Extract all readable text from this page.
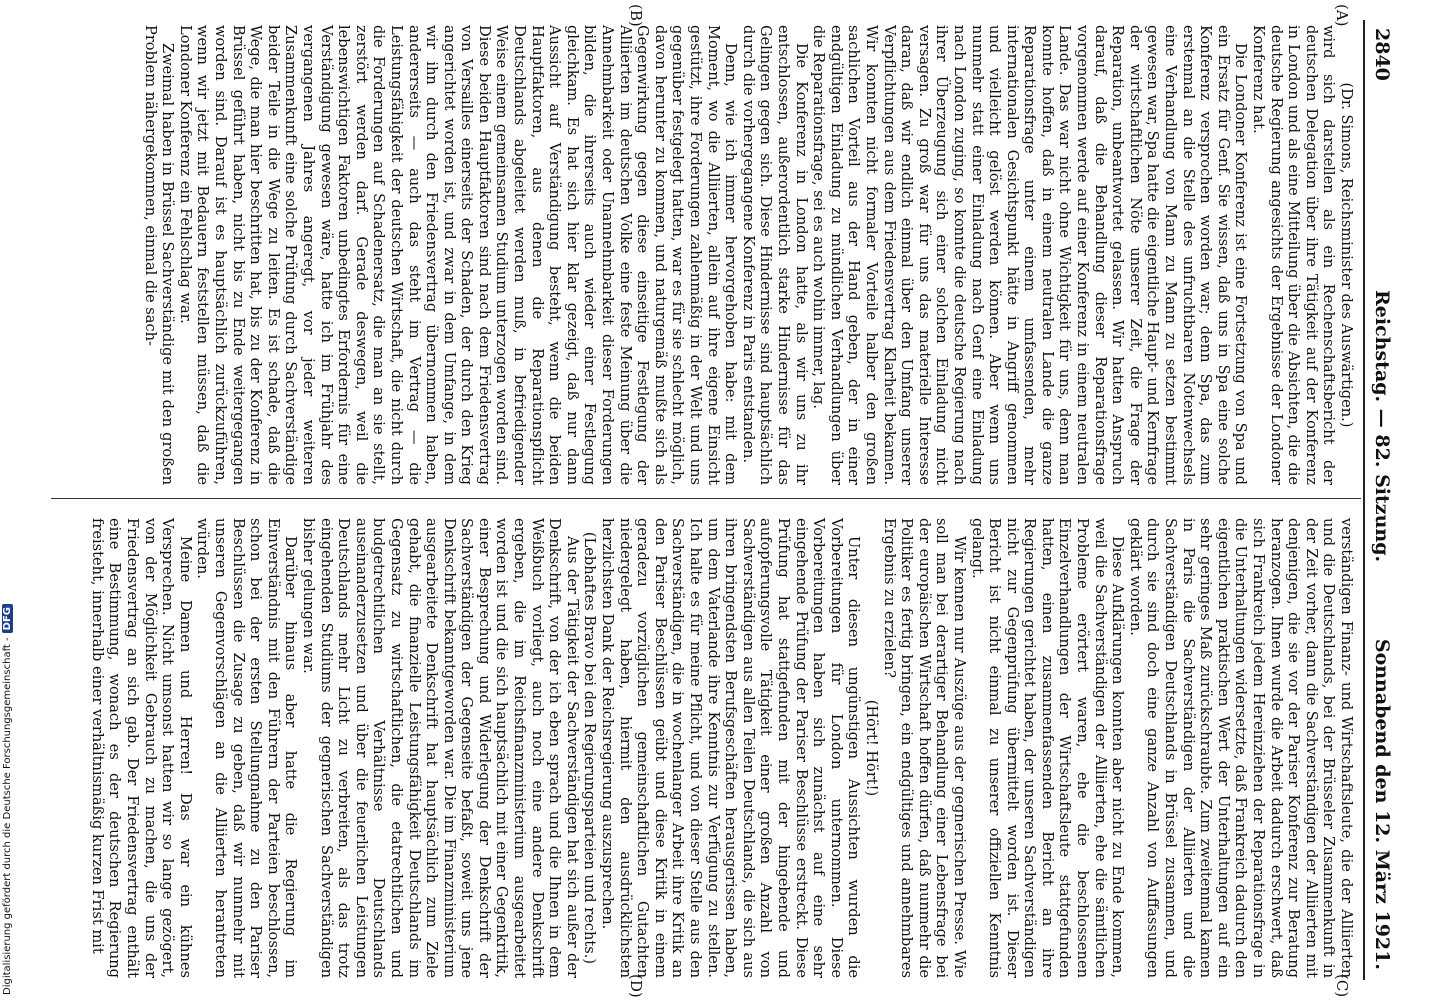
2840
Reichstag. — 82. Sitzung.
Sonnabend den 12. März 1921.
(A)
(B)
(C)
(D)

(Dr. Simons, Reichsminister des Auswärtigen.)

wird sich darstellen als ein Rechenschaftsbericht der deutschen Delegation über ihre Tätigkeit auf der Konferenz in London und als eine Mitteilung über die Absichten, die die deutsche Regierung angesichts der Ergebnisse der Londoner Konferenz hat.

Die Londoner Konferenz ist eine Fortsetzung von Spa und ein Ersatz für Genf. Sie wissen, daß uns in Spa eine solche Konferenz versprochen worden war; denn Spa, das zum erstenmal an die Stelle des unfruchtbaren Notenwechsels eine Verhandlung von Mann zu Mann zu setzen bestimmt gewesen war, Spa hatte die eigentliche Haupt- und Kernfrage der wirtschaftlichen Nöte unserer Zeit, die Frage der Reparation, unbeantwortet gelassen. Wir hatten Anspruch darauf, daß die Behandlung dieser Reparationsfrage vorgenommen werde auf einer Konferenz in einem neutralen Lande. Das war nicht ohne Wichtigkeit für uns, denn man konnte hoffen, daß in einem neutralen Lande die ganze Reparationsfrage unter einem umfassenden, mehr internationalen Gesichtspunkt hätte in Angriff genommen und vielleicht gelöst werden können. Aber wenn uns nunmehr statt einer Einladung nach Genf eine Einladung nach London zuging, so konnte die deutsche Regierung nach ihrer Überzeugung sich einer solchen Einladung nicht versagen. Zu groß war für uns das materielle Interesse daran, daß wir endlich einmal über den Umfang unserer Verpflichtungen aus dem Friedensvertrag Klarheit bekamen. Wir konnten nicht formaler Vorteile halber den großen sachlichen Vorteil aus der Hand geben, der in einer endgültigen Einladung zu mündlichen Verhandlungen über die Reparationsfrage, sei es auch wohin immer, lag.

Die Konferenz in London hatte, als wir uns zu ihr entschlossen, außerordentlich starke Hindernisse für das Gelingen gegen sich. Diese Hindernisse sind hauptsächlich durch die vorhergegangene Konferenz in Paris entstanden.

Denn, wie ich immer hervorgehoben habe: mit dem Moment, wo die Alliierten, allein auf ihre eigene Einsicht gestützt, ihre Forderungen zahlenmäßig in der Welt und uns gegenüber festgelegt hatten, war es für sie schlecht möglich, davon herunter zu kommen, und naturgemäß mußte sich als Gegenwirkung gegen diese einseitige Festlegung der Alliierten im deutschen Volke eine feste Meinung über die Annehmbarkeit oder Unannehmbarkeit dieser Forderungen bilden, die ihrerseits auch wieder einer Festlegung gleichkam. Es hat sich hier klar gezeigt, daß nur dann Aussicht auf Verständigung besteht, wenn die beiden Hauptfaktoren, aus denen die Reparationspflicht Deutschlands abgeleitet werden muß, in befriedigender Weise einem gemeinsamen Studium unterzogen worden sind. Diese beiden Hauptfaktoren sind nach dem Friedensvertrag von Versailles einerseits der Schaden, der durch den Krieg angerichtet worden ist, und zwar in dem Umfange, in dem wir ihn durch den Friedensvertrag übernommen haben, andererseits — auch das steht im Vertrag — die Leistungsfähigkeit der deutschen Wirtschaft, die nicht durch die Forderungen auf Schadenersatz, die man an sie stellt, zerstört werden darf. Gerade deswegen, weil die lebenswichtigen Faktoren unbedingtes Erfordernis für eine Verständigung gewesen wäre, hatte ich im Frühjahr des vergangenen Jahres angeregt, vor jeder weiteren Zusammenkunft eine solche Prüfung durch Sachverständige beider Teile in die Wege zu leiten. Es ist schade, daß die Wege, die man hier beschritten hat, bis zu der Konferenz in Brüssel geführt haben, nicht bis zu Ende weitergegangen worden sind. Darauf ist es hauptsächlich zurückzuführen, wenn wir jetzt mit Bedauern feststellen müssen, daß die Londoner Konferenz ein Fehlschlag war.

Zweimal haben in Brüssel Sachverständige mit den großen Problem nähergekommen, einmal die sach-

verständigen Finanz- und Wirtschaftsleute, die der Alliierten und die Deutschlands, bei der Brüsseler Zusammenkunft in der Zeit vorher, dann die Sachverständigen der Alliierten mit denjenigen, die sie vor der Pariser Konferenz zur Beratung heranzogen. Ihnen wurde die Arbeit dadurch erschwert, daß sich Frankreich jedem Hereinziehen der Reparationsfrage in die Unterhaltungen widersetzte, daß Frankreich dadurch den eigentlichen praktischen Wert der Unterhaltungen auf ein sehr geringes Maß zurückschraubte. Zum zweitenmal kamen in Paris die Sachverständigen der Alliierten und die Sachverständigen Deutschlands in Brüssel zusammen, und durch sie sind doch eine ganze Anzahl von Auffassungen geklärt worden.

Diese Aufklärungen konnten aber nicht zu Ende kommen, weil die Sachverständigen der Alliierten, ehe die sämtlichen Probleme erörtert waren, ehe die beschlossenen Einzelverhandlungen der Wirtschaftsleute stattgefunden hatten, einen zusammenfassenden Bericht an ihre Regierungen gerichtet haben, der unseren Sachverständigen nicht zur Gegenprüfung übermittelt worden ist. Dieser Bericht ist nicht einmal zu unserer offiziellen Kenntnis gelangt.

Wir kennen nur Auszüge aus der gegnerischen Presse. Wie soll man bei derartiger Behandlung einer Lebensfrage bei der europäischen Wirtschaft hoffen dürfen, daß nunmehr die Politiker es fertig bringen, ein endgültiges und annehmbares Ergebnis zu erzielen?

(Hört! Hört!)

Unter diesen ungünstigen Aussichten wurden die Vorbereitungen für London unternommen. Diese Vorbereitungen haben sich zunächst auf eine sehr eingehende Prüfung der Pariser Beschlüsse erstreckt. Diese Prüfung hat stattgefunden mit der hingebende und aufopferungsvolle Tätigkeit einer großen Anzahl von Sachverständigen aus allen Teilen Deutschlands, die sich aus ihren bringendsten Berufsgeschäften herausgerissen haben, um dem Vaterlande ihre Kenntnis zur Verfügung zu stellen. Ich halte es für meine Pflicht, und von dieser Stelle aus den Sachverständigen, die in wochenlanger Arbeit ihre Kritik an den Pariser Beschlüssen geübt und diese Kritik in einem geradezu vorzüglichen gemeinschaftlichen Gutachten niedergelegt haben, hiermit den ausdrücklichsten herzlichsten Dank der Reichsregierung auszusprechen.

(Lebhaftes Bravo bei den Regierungsparteien und rechts.)

Aus der Tätigkeit der Sachverständigen hat sich außer der Denkschrift, von der ich eben sprach und die Ihnen in dem Weißbuch vorliegt, auch noch eine andere Denkschrift ergeben, die im Reichsfinanzministerium ausgearbeitet worden ist und die sich hauptsächlich mit einer Gegenkritik, einer Besprechung und Widerlegung der Denkschrift der Sachverständigen der Gegenseite befaßt, soweit uns jene Denkschrift bekanntgeworden war. Die im Finanzministerium ausgearbeitete Denkschrift hat hauptsächlich zum Ziele gehabt, die finanzielle Leistungsfähigkeit Deutschlands im Gegensatz zu wirtschaftlichen, die etatrechtlichen und budgetrechtlichen Verhältnisse Deutschlands auseinanderzusetzen und über die feuerlichen Leistungen Deutschlands mehr Licht zu verbreiten, als das trotz eingehenden Studiums der gegnerischen Sachverständigen bisher gelungen war.

Darüber hinaus aber hatte die Regierung im Einverständnis mit den Führern der Parteien beschlossen, schon bei der ersten Stellungnahme zu den Pariser Beschlüssen die Zusage zu geben, daß wir nunmehr mit unseren Gegenvorschlägen an die Alliierten herantreten würden.

Meine Damen und Herren! Das war ein kühnes Versprechen. Nicht umsonst hatten wir so lange gezögert, von der Möglichkeit Gebrauch zu machen, die uns der Friedensvertrag an sich gab. Der Friedensvertrag enthält eine Bestimmung, wonach es der deutschen Regierung freisteht, innerhalb einer verhältnismäßig kurzen Frist mit

Digitalisierung gefördert durch die Deutsche Forschungsgemeinschaft -DFG
